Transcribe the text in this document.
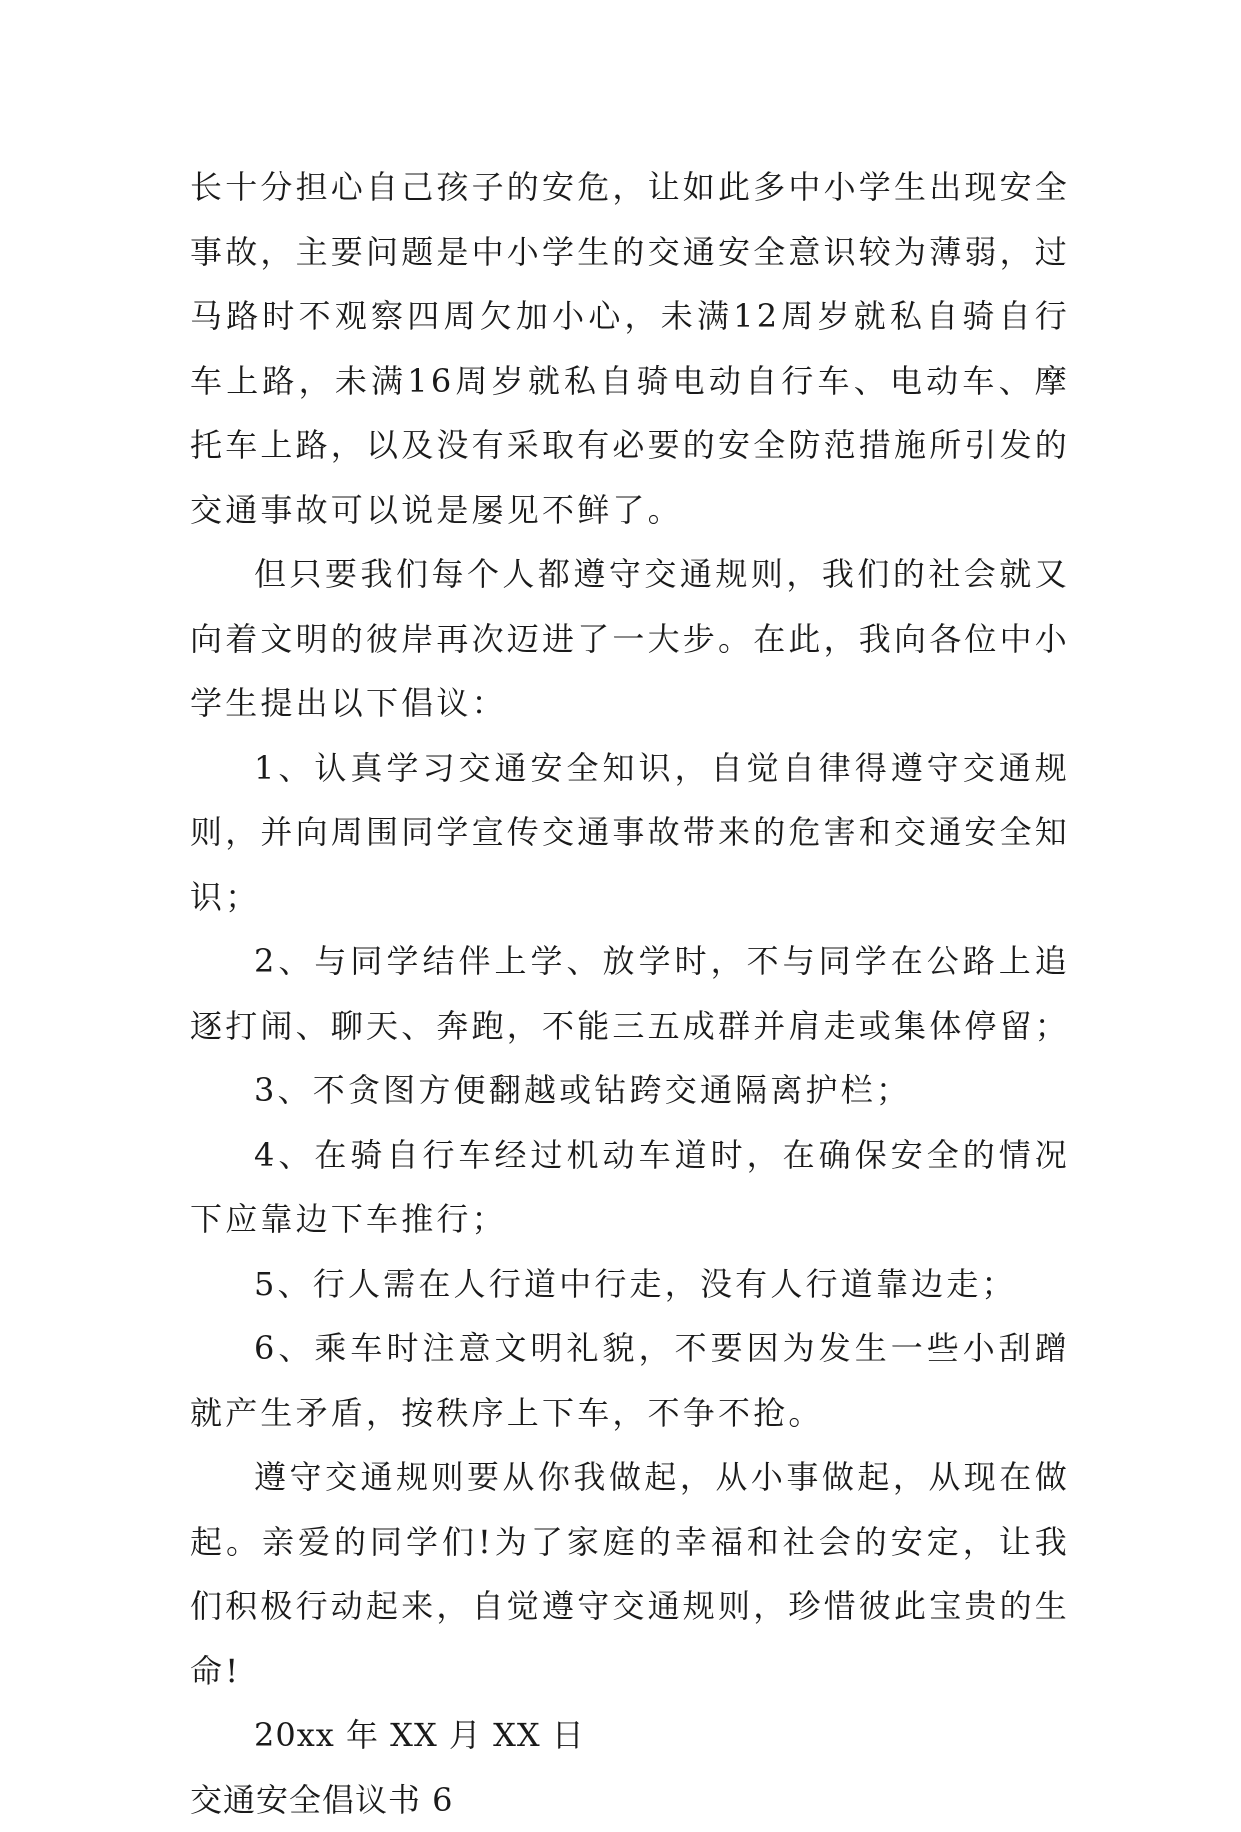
长十分担心自己孩子的安危，让如此多中小学生出现安全事故，主要问题是中小学生的交通安全意识较为薄弱，过马路时不观察四周欠加小心，未满12周岁就私自骑自行车上路，未满16周岁就私自骑电动自行车、电动车、摩托车上路，以及没有采取有必要的安全防范措施所引发的交通事故可以说是屡见不鲜了。

但只要我们每个人都遵守交通规则，我们的社会就又向着文明的彼岸再次迈进了一大步。在此，我向各位中小学生提出以下倡议：

1、认真学习交通安全知识，自觉自律得遵守交通规则，并向周围同学宣传交通事故带来的危害和交通安全知识；

2、与同学结伴上学、放学时，不与同学在公路上追逐打闹、聊天、奔跑，不能三五成群并肩走或集体停留；

3、不贪图方便翻越或钻跨交通隔离护栏；

4、在骑自行车经过机动车道时，在确保安全的情况下应靠边下车推行；

5、行人需在人行道中行走，没有人行道靠边走；

6、乘车时注意文明礼貌，不要因为发生一些小刮蹭就产生矛盾，按秩序上下车，不争不抢。

遵守交通规则要从你我做起，从小事做起，从现在做起。亲爱的同学们!为了家庭的幸福和社会的安定，让我们积极行动起来，自觉遵守交通规则，珍惜彼此宝贵的生命!

20xx 年 XX 月 XX 日

交通安全倡议书 6
